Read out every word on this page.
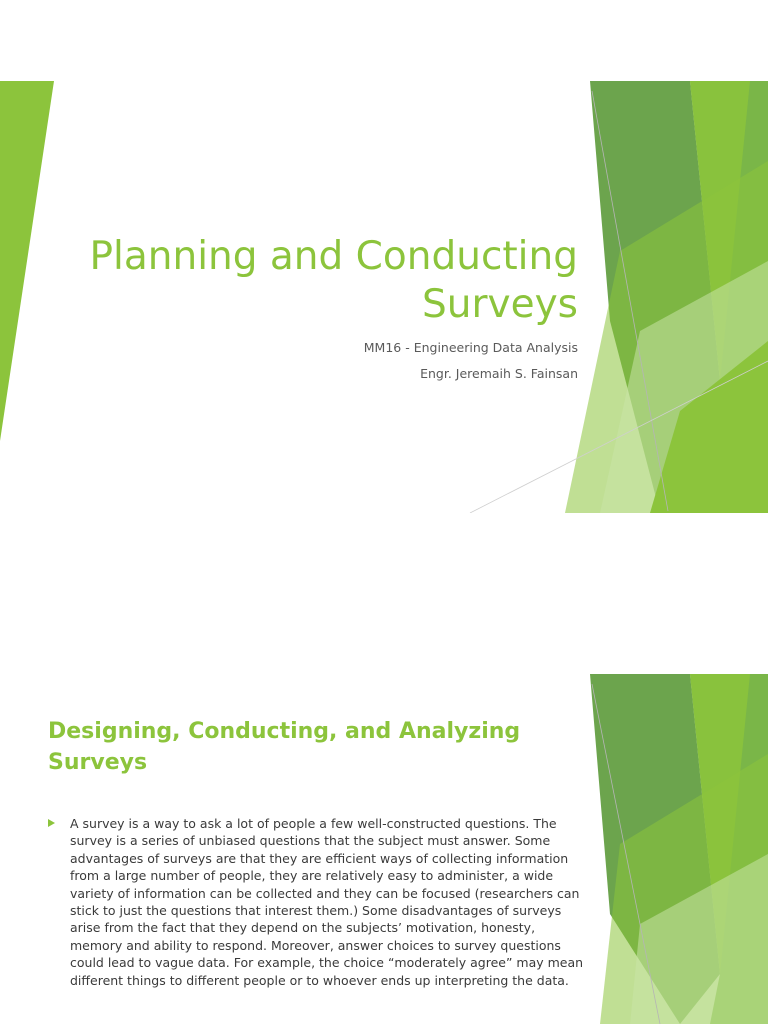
Planning and Conducting Surveys

MM16 - Engineering Data Analysis

Engr. Jeremaih S. Fainsan

Designing, Conducting, and Analyzing Surveys

A survey is a way to ask a lot of people a few well-constructed questions. The survey is a series of unbiased questions that the subject must answer. Some advantages of surveys are that they are efficient ways of collecting information from a large number of people, they are relatively easy to administer, a wide variety of information can be collected and they can be focused (researchers can stick to just the questions that interest them.) Some disadvantages of surveys arise from the fact that they depend on the subjects’ motivation, honesty, memory and ability to respond. Moreover, answer choices to survey questions could lead to vague data. For example, the choice “moderately agree” may mean different things to different people or to whoever ends up interpreting the data.
